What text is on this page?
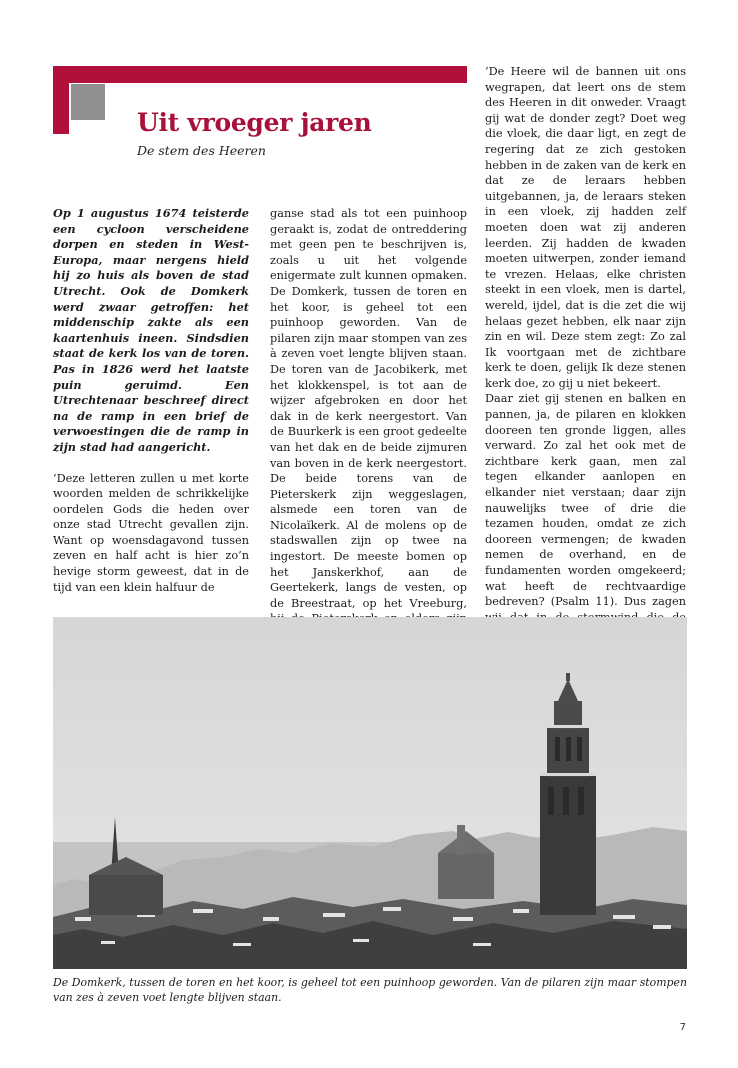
Uit vroeger jaren
De stem des Heeren

Op 1 augustus 1674 teisterde een cycloon verscheidene dorpen en steden in West-Europa, maar nergens hield hij zo huis als boven de stad Utrecht. Ook de Domkerk werd zwaar getroffen: het middenschip zakte als een kaartenhuis ineen. Sindsdien staat de kerk los van de toren. Pas in 1826 werd het laatste puin geruimd. Een Utrechtenaar beschreef direct na de ramp in een brief de verwoestingen die de ramp in zijn stad had aangericht.

‘Deze letteren zullen u met korte woorden melden de schrikkelijke oordelen Gods die heden over onze stad Utrecht gevallen zijn. Want op woensdagavond tussen zeven en half acht is hier zo’n hevige storm geweest, dat in de tijd van een klein halfuur de

ganse stad als tot een puinhoop geraakt is, zodat de ontreddering met geen pen te beschrijven is, zoals u uit het volgende enigermate zult kunnen opmaken. De Domkerk, tussen de toren en het koor, is geheel tot een puinhoop geworden. Van de pilaren zijn maar stompen van zes à zeven voet lengte blijven staan. De toren van de Jacobikerk, met het klokkenspel, is tot aan de wijzer afgebroken en door het dak in de kerk neergestort. Van de Buurkerk is een groot gedeelte van het dak en de beide zijmuren van boven in de kerk neergestort. De beide torens van de Pieterskerk zijn weggeslagen, alsmede een toren van de Nicolaïkerk. Al de molens op de stadswallen zijn op twee na ingestort. De meeste bomen op het Janskerkhof, aan de Geertekerk, langs de vesten, op de Breestraat, op het Vreeburg,

‘De Heere wil de bannen uit ons wegrapen, dat leert ons de stem des Heeren in dit onweder. Vraagt gij wat de donder zegt? Doet weg die vloek, die daar ligt, en zegt de regering dat ze zich gestoken hebben in de zaken van de kerk en dat ze de leraars hebben uitgebannen, ja, de leraars steken in een vloek, zij hadden zelf moeten doen wat zij anderen leerden. Zij hadden de kwaden moeten uitwerpen, zonder iemand te vrezen. Helaas, elke christen steekt in een vloek, men is dartel, wereld, ijdel, dat is die zet die wij helaas gezet hebben, elk naar zijn zin en wil. Deze stem zegt: Zo zal Ik voortgaan met de zichtbare kerk te doen, gelijk Ik deze stenen kerk doe, zo gij u niet bekeert.

Daar ziet gij stenen en balken en pannen, ja, de pilaren en klokken dooreen ten gronde liggen, alles verward. Zo zal het ook met de zichtbare kerk gaan, men zal tegen elkander aanlopen en elkander niet verstaan; daar zijn nauwelijks twee of drie die tezamen houden, omdat ze zich dooreen vermengen; de kwaden nemen de overhand, en de fundamenten worden omgekeerd; wat heeft de rechtvaardige bedreven? (Psalm 11). Dus zagen

De Domkerk, tussen de toren en het koor, is geheel tot een puinhoop geworden. Van de pilaren zijn maar stompen van zes à zeven voet lengte blijven staan.
7
